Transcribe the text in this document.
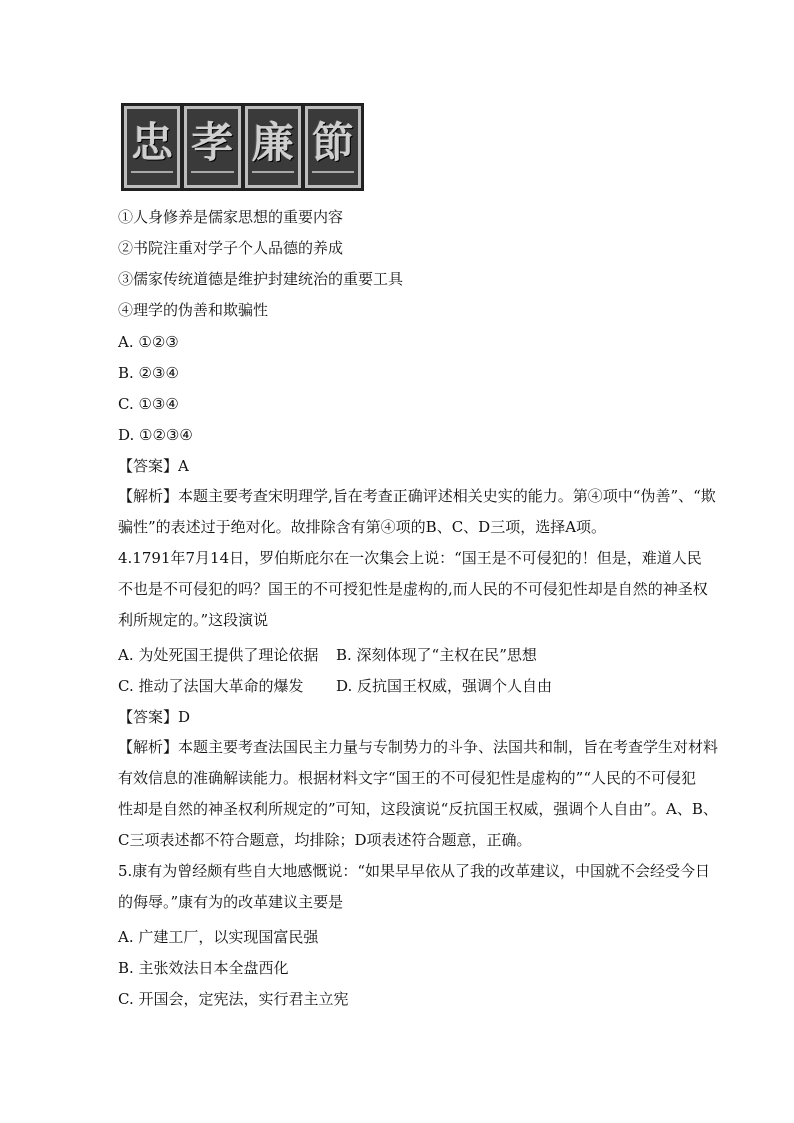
忠 孝 廉 節
①人身修养是儒家思想的重要内容
②书院注重对学子个人品德的养成
③儒家传统道德是维护封建统治的重要工具
④理学的伪善和欺骗性
A. ①②③
B. ②③④
C. ①③④
D. ①②③④
【答案】A
【解析】本题主要考查宋明理学,旨在考查正确评述相关史实的能力。第④项中“伪善”、“欺
骗性”的表述过于绝对化。故排除含有第④项的B、C、D三项，选择A项。
4.1791年7月14日，罗伯斯庇尔在一次集会上说：“国王是不可侵犯的！但是，难道人民
不也是不可侵犯的吗？国王的不可授犯性是虚构的,而人民的不可侵犯性却是自然的神圣权
利所规定的。”这段演说
A. 为处死国王提供了理论依据 B. 深刻体现了“主权在民”思想
C. 推动了法国大革命的爆发 D. 反抗国王权威，强调个人自由
【答案】D
【解析】本题主要考查法国民主力量与专制势力的斗争、法国共和制，旨在考查学生对材料
有效信息的准确解读能力。根据材料文字“国王的不可侵犯性是虚构的”“人民的不可侵犯
性却是自然的神圣权利所规定的”可知，这段演说“反抗国王权威，强调个人自由”。A、B、
C三项表述都不符合题意，均排除；D项表述符合题意，正确。
5.康有为曾经颇有些自大地感慨说：“如果早早依从了我的改革建议，中国就不会经受今日
的侮辱。”康有为的改革建议主要是
A. 广建工厂，以实现国富民强
B. 主张效法日本全盘西化
C. 开国会，定宪法，实行君主立宪
